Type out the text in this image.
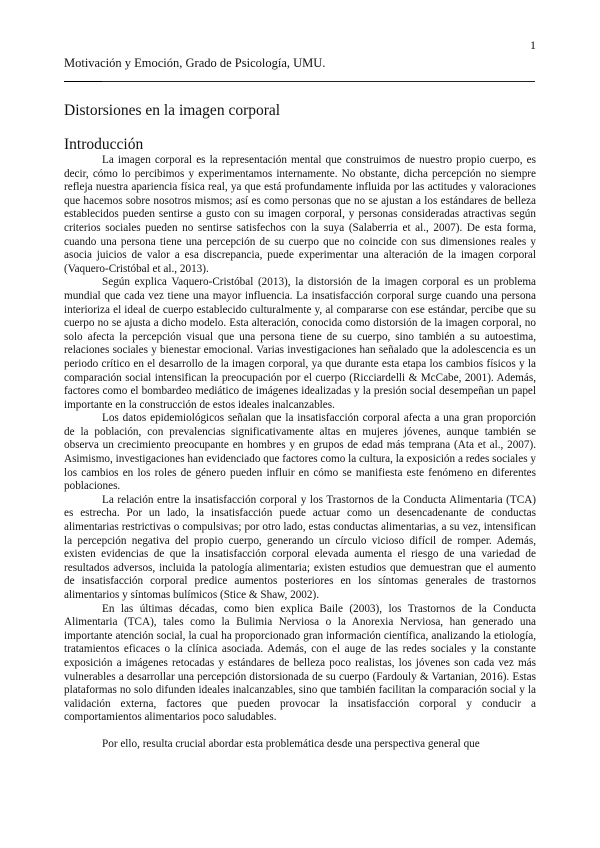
1
Motivación y Emoción, Grado de Psicología, UMU.
Distorsiones en la imagen corporal
Introducción

La imagen corporal es la representación mental que construimos de nuestro propio cuerpo, es decir, cómo lo percibimos y experimentamos internamente. No obstante, dicha percepción no siempre refleja nuestra apariencia física real, ya que está profundamente influida por las actitudes y valoraciones que hacemos sobre nosotros mismos; así es como personas que no se ajustan a los estándares de belleza establecidos pueden sentirse a gusto con su imagen corporal, y personas consideradas atractivas según criterios sociales pueden no sentirse satisfechos con la suya (Salaberria et al., 2007). De esta forma, cuando una persona tiene una percepción de su cuerpo que no coincide con sus dimensiones reales y asocia juicios de valor a esa discrepancia, puede experimentar una alteración de la imagen corporal (Vaquero-Cristóbal et al., 2013).

Según explica Vaquero-Cristóbal (2013), la distorsión de la imagen corporal es un problema mundial que cada vez tiene una mayor influencia. La insatisfacción corporal surge cuando una persona interioriza el ideal de cuerpo establecido culturalmente y, al compararse con ese estándar, percibe que su cuerpo no se ajusta a dicho modelo. Esta alteración, conocida como distorsión de la imagen corporal, no solo afecta la percepción visual que una persona tiene de su cuerpo, sino también a su autoestima, relaciones sociales y bienestar emocional. Varias investigaciones han señalado que la adolescencia es un periodo crítico en el desarrollo de la imagen corporal, ya que durante esta etapa los cambios físicos y la comparación social intensifican la preocupación por el cuerpo (Ricciardelli & McCabe, 2001). Además, factores como el bombardeo mediático de imágenes idealizadas y la presión social desempeñan un papel importante en la construcción de estos ideales inalcanzables.

Los datos epidemiológicos señalan que la insatisfacción corporal afecta a una gran proporción de la población, con prevalencias significativamente altas en mujeres jóvenes, aunque también se observa un crecimiento preocupante en hombres y en grupos de edad más temprana (Ata et al., 2007). Asimismo, investigaciones han evidenciado que factores como la cultura, la exposición a redes sociales y los cambios en los roles de género pueden influir en cómo se manifiesta este fenómeno en diferentes poblaciones.

La relación entre la insatisfacción corporal y los Trastornos de la Conducta Alimentaria (TCA) es estrecha. Por un lado, la insatisfacción puede actuar como un desencadenante de conductas alimentarias restrictivas o compulsivas; por otro lado, estas conductas alimentarias, a su vez, intensifican la percepción negativa del propio cuerpo, generando un círculo vicioso difícil de romper. Además, existen evidencias de que la insatisfacción corporal elevada aumenta el riesgo de una variedad de resultados adversos, incluida la patología alimentaria; existen estudios que demuestran que el aumento de insatisfacción corporal predice aumentos posteriores en los síntomas generales de trastornos alimentarios y síntomas bulímicos (Stice & Shaw, 2002).

En las últimas décadas, como bien explica Baile (2003), los Trastornos de la Conducta Alimentaria (TCA), tales como la Bulimia Nerviosa o la Anorexia Nerviosa, han generado una importante atención social, la cual ha proporcionado gran información científica, analizando la etiología, tratamientos eficaces o la clínica asociada. Además, con el auge de las redes sociales y la constante exposición a imágenes retocadas y estándares de belleza poco realistas, los jóvenes son cada vez más vulnerables a desarrollar una percepción distorsionada de su cuerpo (Fardouly & Vartanian, 2016). Estas plataformas no solo difunden ideales inalcanzables, sino que también facilitan la comparación social y la validación externa, factores que pueden provocar la insatisfacción corporal y conducir a comportamientos alimentarios poco saludables.

Por ello, resulta crucial abordar esta problemática desde una perspectiva general que
